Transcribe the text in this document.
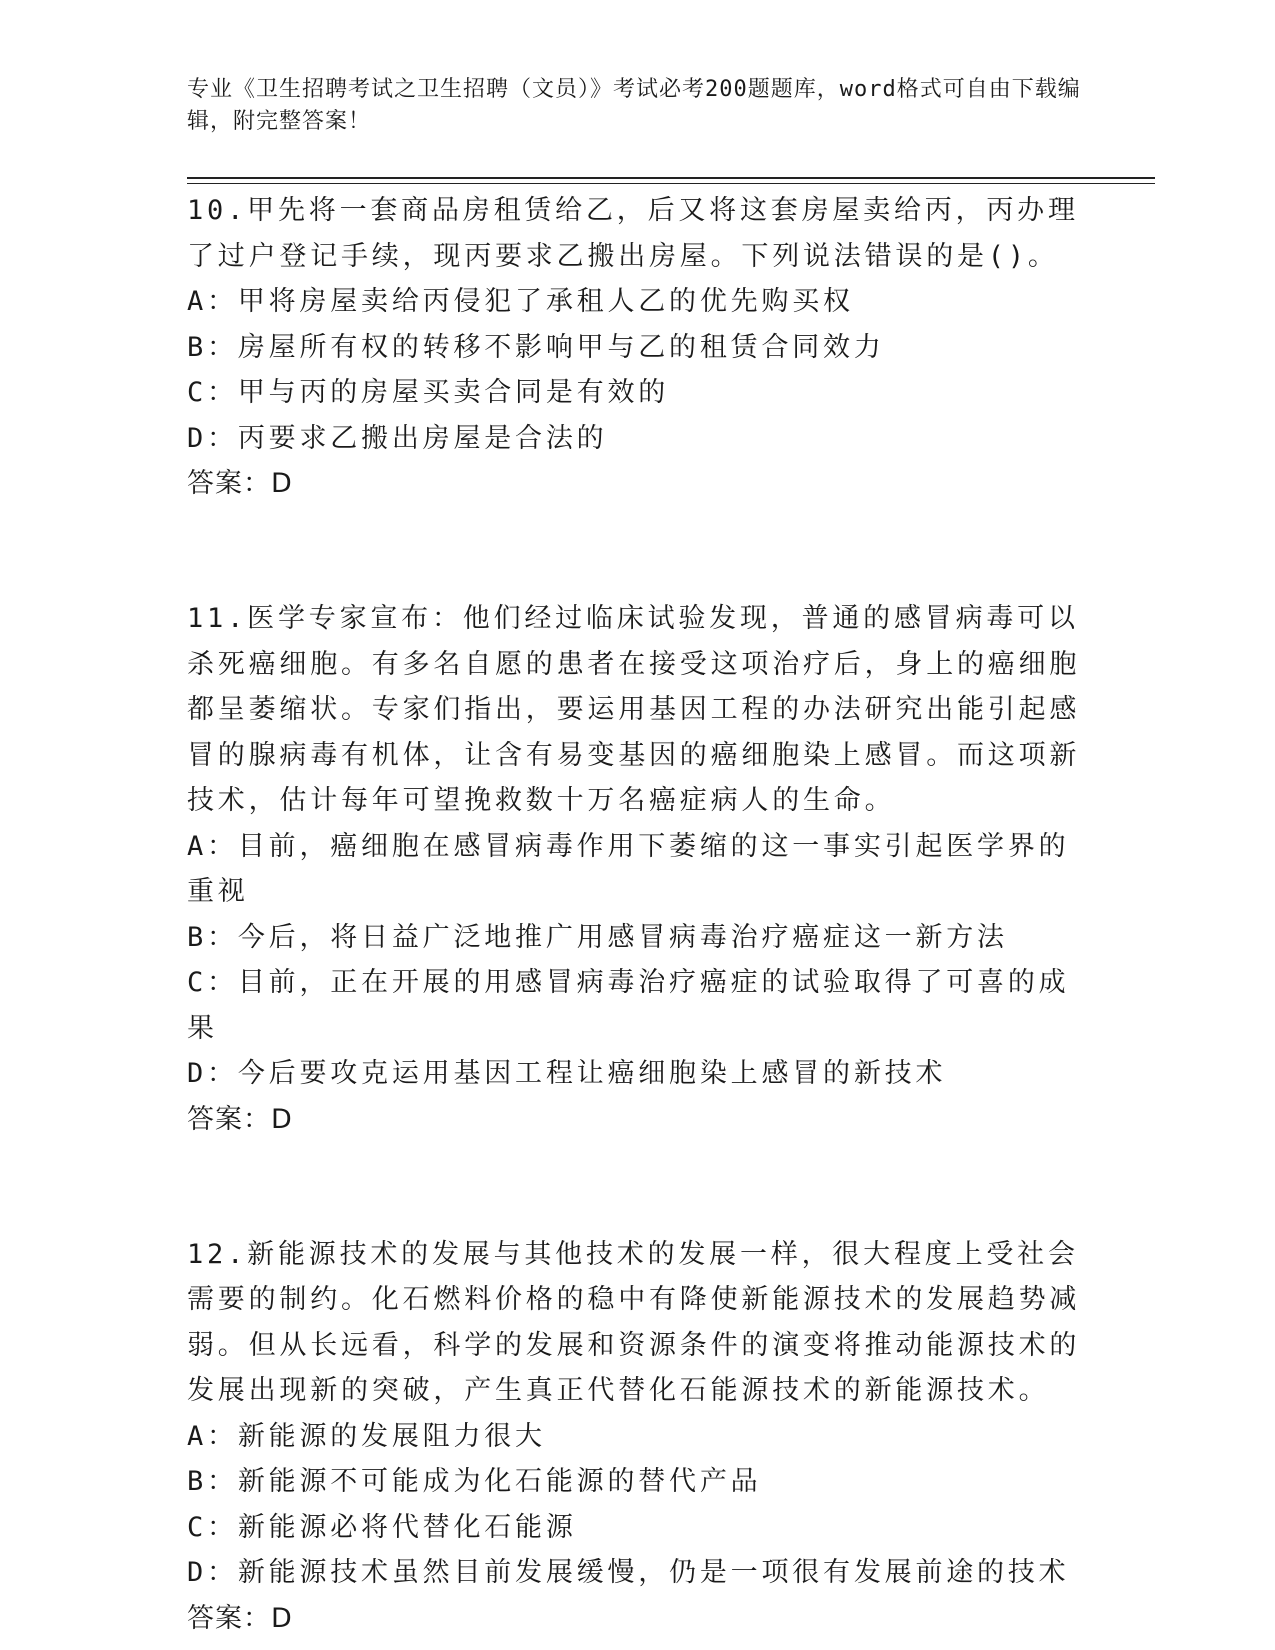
专业《卫生招聘考试之卫生招聘（文员）》考试必考200题题库，word格式可自由下载编辑，附完整答案！
10.甲先将一套商品房租赁给乙，后又将这套房屋卖给丙，丙办理了过户登记手续，现丙要求乙搬出房屋。下列说法错误的是()。
A：甲将房屋卖给丙侵犯了承租人乙的优先购买权
B：房屋所有权的转移不影响甲与乙的租赁合同效力
C：甲与丙的房屋买卖合同是有效的
D：丙要求乙搬出房屋是合法的
答案：D
11.医学专家宣布：他们经过临床试验发现，普通的感冒病毒可以杀死癌细胞。有多名自愿的患者在接受这项治疗后，身上的癌细胞都呈萎缩状。专家们指出，要运用基因工程的办法研究出能引起感冒的腺病毒有机体，让含有易变基因的癌细胞染上感冒。而这项新技术，估计每年可望挽救数十万名癌症病人的生命。
A：目前，癌细胞在感冒病毒作用下萎缩的这一事实引起医学界的重视
B：今后，将日益广泛地推广用感冒病毒治疗癌症这一新方法
C：目前，正在开展的用感冒病毒治疗癌症的试验取得了可喜的成果
D：今后要攻克运用基因工程让癌细胞染上感冒的新技术
答案：D
12.新能源技术的发展与其他技术的发展一样，很大程度上受社会需要的制约。化石燃料价格的稳中有降使新能源技术的发展趋势减弱。但从长远看，科学的发展和资源条件的演变将推动能源技术的发展出现新的突破，产生真正代替化石能源技术的新能源技术。
A：新能源的发展阻力很大
B：新能源不可能成为化石能源的替代产品
C：新能源必将代替化石能源
D：新能源技术虽然目前发展缓慢，仍是一项很有发展前途的技术
答案：D
